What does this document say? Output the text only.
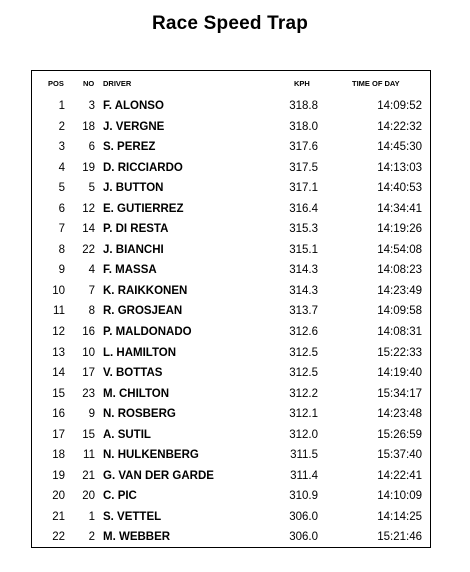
Race Speed Trap
POS	NO DRIVER	KPH	TIME OF DAY
1	3 F. ALONSO	318.8	14:09:52
2	18 J. VERGNE	318.0	14:22:32
3	6 S. PEREZ	317.6	14:45:30
4	19 D. RICCIARDO	317.5	14:13:03
5	5 J. BUTTON	317.1	14:40:53
6	12 E. GUTIERREZ	316.4	14:34:41
7	14 P. DI RESTA	315.3	14:19:26
8	22 J. BIANCHI	315.1	14:54:08
9	4 F. MASSA	314.3	14:08:23
10	7 K. RAIKKONEN	314.3	14:23:49
11	8 R. GROSJEAN	313.7	14:09:58
12	16 P. MALDONADO	312.6	14:08:31
13	10 L. HAMILTON	312.5	15:22:33
14	17 V. BOTTAS	312.5	14:19:40
15	23 M. CHILTON	312.2	15:34:17
16	9 N. ROSBERG	312.1	14:23:48
17	15 A. SUTIL	312.0	15:26:59
18	11 N. HULKENBERG	311.5	15:37:40
19	21 G. VAN DER GARDE	311.4	14:22:41
20	20 C. PIC	310.9	14:10:09
21	1 S. VETTEL	306.0	14:14:25
22	2 M. WEBBER	306.0	15:21:46
